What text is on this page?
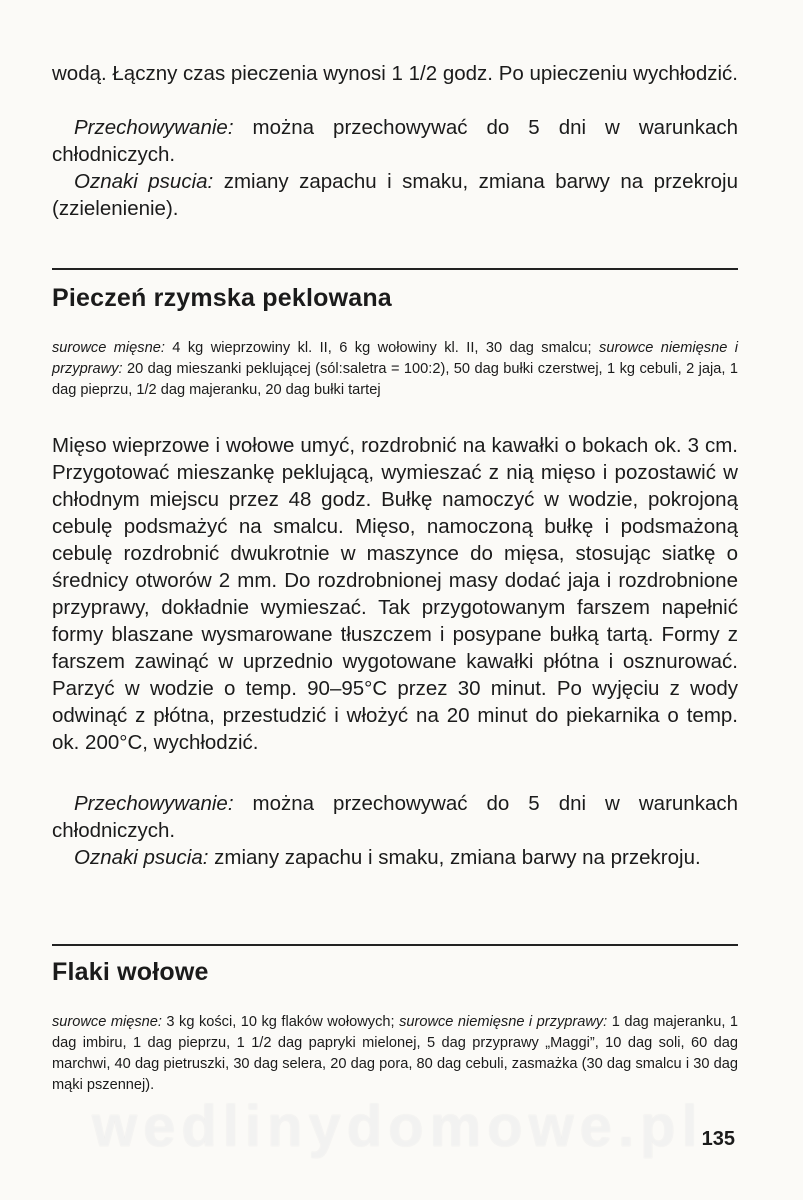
wodą. Łączny czas pieczenia wynosi 1 1/2 godz. Po upieczeniu wychłodzić.

Przechowywanie: można przechowywać do 5 dni w warunkach chłodniczych.

Oznaki psucia: zmiany zapachu i smaku, zmiana barwy na przekroju (zzielenienie).

Pieczeń rzymska peklowana

surowce mięsne: 4 kg wieprzowiny kl. II, 6 kg wołowiny kl. II, 30 dag smalcu; surowce niemięsne i przyprawy: 20 dag mieszanki peklującej (sól:saletra = 100:2), 50 dag bułki czerstwej, 1 kg cebuli, 2 jaja, 1 dag pieprzu, 1/2 dag majeranku, 20 dag bułki tartej

Mięso wieprzowe i wołowe umyć, rozdrobnić na kawałki o bokach ok. 3 cm. Przygotować mieszankę peklującą, wymieszać z nią mięso i pozostawić w chłodnym miejscu przez 48 godz. Bułkę namoczyć w wodzie, pokrojoną cebulę podsmażyć na smalcu. Mięso, namoczoną bułkę i podsmażoną cebulę rozdrobnić dwukrotnie w maszynce do mięsa, stosując siatkę o średnicy otworów 2 mm. Do rozdrobnionej masy dodać jaja i rozdrobnione przyprawy, dokładnie wymieszać. Tak przygotowanym farszem napełnić formy blaszane wysmarowane tłuszczem i posypane bułką tartą. Formy z farszem zawinąć w uprzednio wygotowane kawałki płótna i osznurować. Parzyć w wodzie o temp. 90–95°C przez 30 minut. Po wyjęciu z wody odwinąć z płótna, przestudzić i włożyć na 20 minut do piekarnika o temp. ok. 200°C, wychłodzić.

Przechowywanie: można przechowywać do 5 dni w warunkach chłodniczych.

Oznaki psucia: zmiany zapachu i smaku, zmiana barwy na przekroju.

Flaki wołowe

surowce mięsne: 3 kg kości, 10 kg flaków wołowych; surowce niemięsne i przyprawy: 1 dag majeranku, 1 dag imbiru, 1 dag pieprzu, 1 1/2 dag papryki mielonej, 5 dag przyprawy „Maggi”, 10 dag soli, 60 dag marchwi, 40 dag pietruszki, 30 dag selera, 20 dag pora, 80 dag cebuli, zasmażka (30 dag smalcu i 30 dag mąki pszennej).

wedlinydomowe.pl
135
